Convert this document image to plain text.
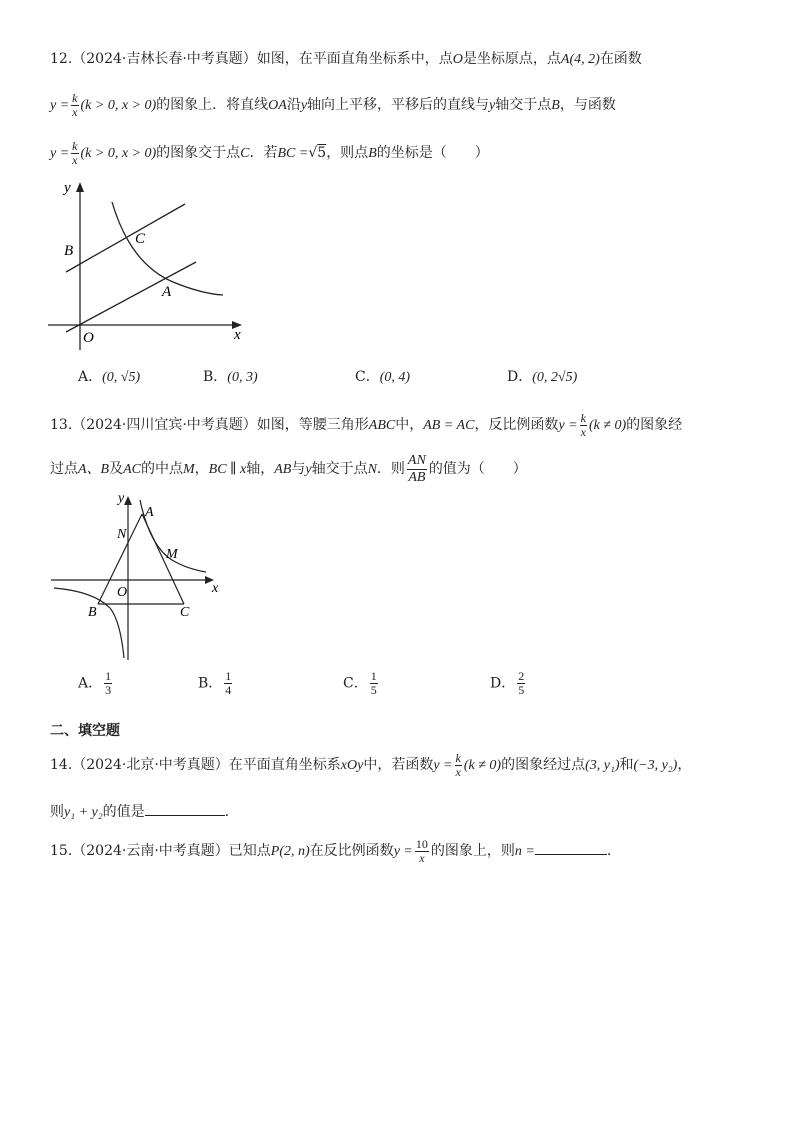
12.（2024·吉林长春·中考真题）如图，在平面直角坐标系中，点O是坐标原点，点A(4, 2)在函数
$y = \frac{k}{x} (k > 0$, x > 0)的图象上．将直线OA沿y轴向上平移，平移后的直线与y轴交于点B，与函数
$y = \frac{k}{x} (k > 0$, x > 0)的图象交于点C．若BC =√5，则点B的坐标是（　　）
y
x
O
B
C
A
A．(0, √5)	B．(0, 3)	C．(0, 4)	D．(0, 2√5)
13.（2024·四川宜宾·中考真题）如图，等腰三角形ABC中，AB = AC，反比例函数$y = \frac{k}{x} (k \ne 0)$的图象经
过点A、B及AC的中点M，BC ∥ x轴，AB与y轴交于点N．则 $\frac{AN}{AB}$ 的值为（　　）
y
x
O
A
N
M
B	C
A． $\frac{1}{3}$	B． $\frac{1}{4}$	C． $\frac{1}{5}$	D． $\frac{2}{5}$
二、填空题
14.（2024·北京·中考真题）在平面直角坐标系xOy中，若函数$y = \frac{k}{x} (k \ne 0)$的图象经过点(3, y₁)和(−3, y₂)，
则y₁ + y₂的值是	.
15.（2024·云南·中考真题）已知点P(2, n)在反比例函数$y = \frac{10}{x}$ 的图象上，则n =	.
